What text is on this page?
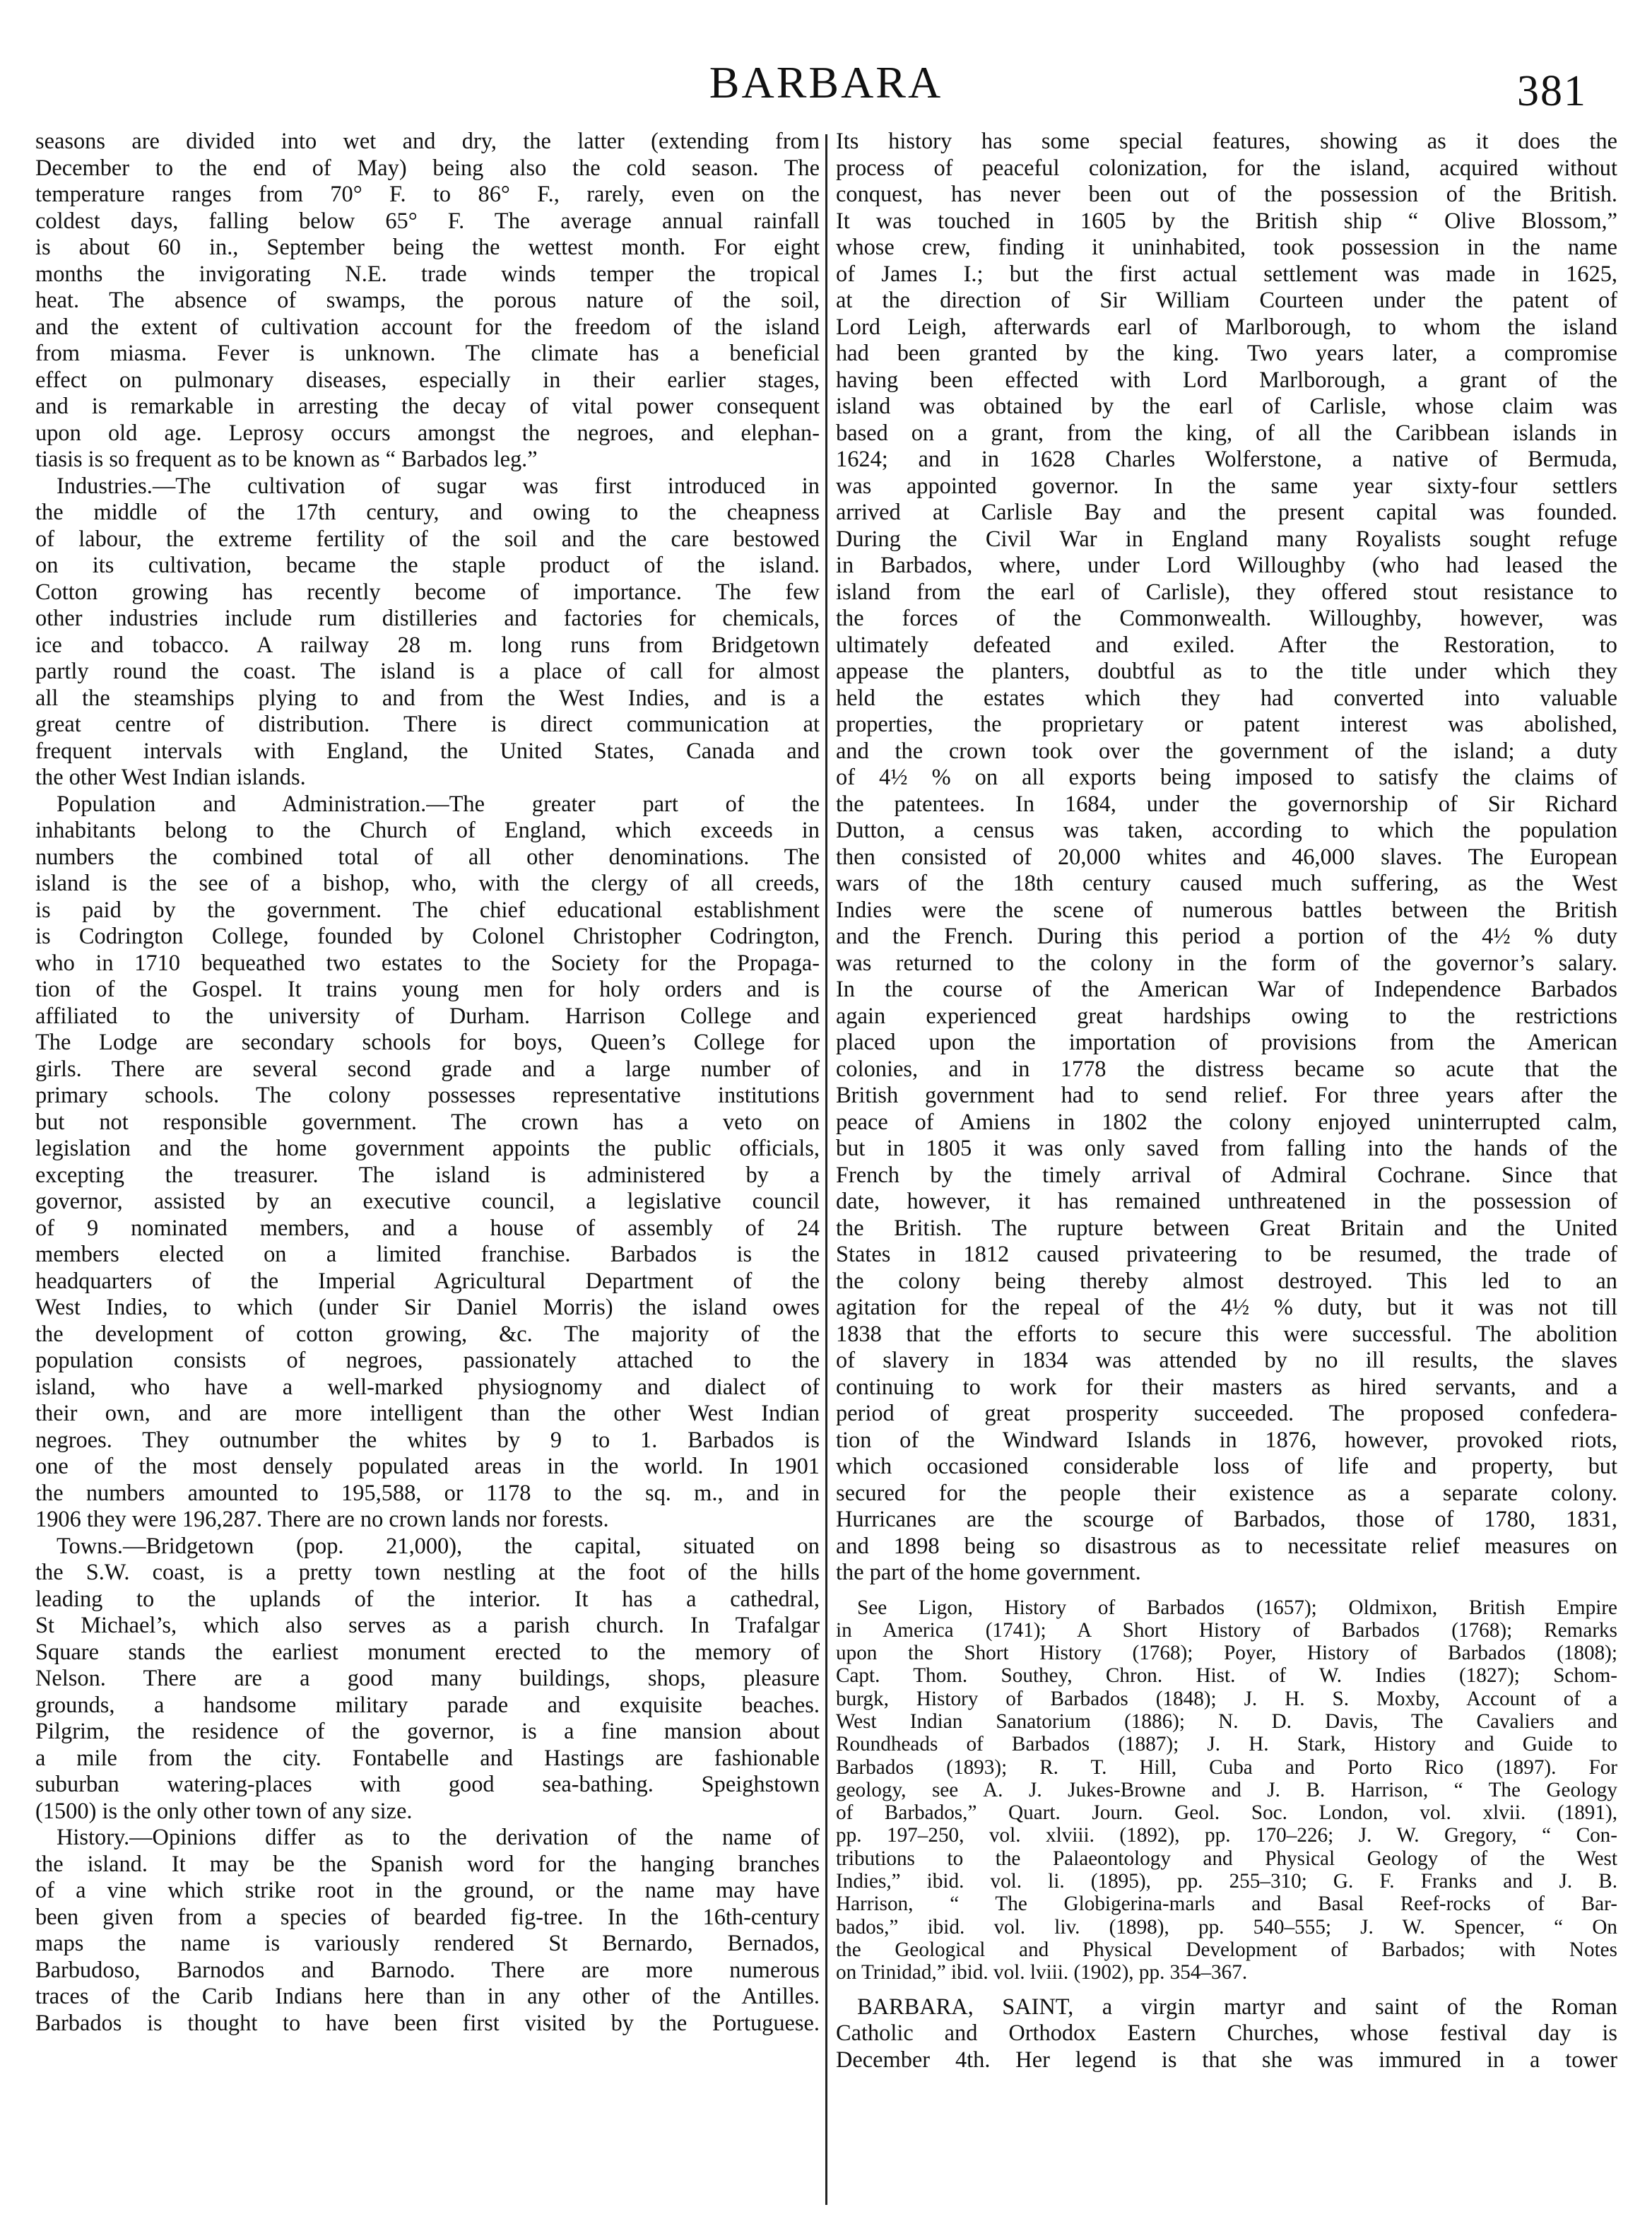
BARBARA	381
seasons are divided into wet and dry, the latter (extending from
December to the end of May) being also the cold season. The
temperature ranges from 70° F. to 86° F., rarely, even on the
coldest days, falling below 65° F. The average annual rainfall
is about 60 in., September being the wettest month. For eight
months the invigorating N.E. trade winds temper the tropical
heat. The absence of swamps, the porous nature of the soil,
and the extent of cultivation account for the freedom of the island
from miasma. Fever is unknown. The climate has a beneficial
effect on pulmonary diseases, especially in their earlier stages,
and is remarkable in arresting the decay of vital power consequent
upon old age. Leprosy occurs amongst the negroes, and elephan-
tiasis is so frequent as to be known as “ Barbados leg.”
Industries.—The cultivation of sugar was first introduced in
the middle of the 17th century, and owing to the cheapness
of labour, the extreme fertility of the soil and the care bestowed
on its cultivation, became the staple product of the island.
Cotton growing has recently become of importance. The few
other industries include rum distilleries and factories for chemicals,
ice and tobacco. A railway 28 m. long runs from Bridgetown
partly round the coast. The island is a place of call for almost
all the steamships plying to and from the West Indies, and is a
great centre of distribution. There is direct communication at
frequent intervals with England, the United States, Canada and
the other West Indian islands.
Population and Administration.—The greater part of the
inhabitants belong to the Church of England, which exceeds in
numbers the combined total of all other denominations. The
island is the see of a bishop, who, with the clergy of all creeds,
is paid by the government. The chief educational establishment
is Codrington College, founded by Colonel Christopher Codrington,
who in 1710 bequeathed two estates to the Society for the Propaga-
tion of the Gospel. It trains young men for holy orders and is
affiliated to the university of Durham. Harrison College and
The Lodge are secondary schools for boys, Queen’s College for
girls. There are several second grade and a large number of
primary schools. The colony possesses representative institutions
but not responsible government. The crown has a veto on
legislation and the home government appoints the public officials,
excepting the treasurer. The island is administered by a
governor, assisted by an executive council, a legislative council
of 9 nominated members, and a house of assembly of 24
members elected on a limited franchise. Barbados is the
headquarters of the Imperial Agricultural Department of the
West Indies, to which (under Sir Daniel Morris) the island owes
the development of cotton growing, &c. The majority of the
population consists of negroes, passionately attached to the
island, who have a well-marked physiognomy and dialect of
their own, and are more intelligent than the other West Indian
negroes. They outnumber the whites by 9 to 1. Barbados is
one of the most densely populated areas in the world. In 1901
the numbers amounted to 195,588, or 1178 to the sq. m., and in
1906 they were 196,287. There are no crown lands nor forests.
Towns.—Bridgetown (pop. 21,000), the capital, situated on
the S.W. coast, is a pretty town nestling at the foot of the hills
leading to the uplands of the interior. It has a cathedral,
St Michael’s, which also serves as a parish church. In Trafalgar
Square stands the earliest monument erected to the memory of
Nelson. There are a good many buildings, shops, pleasure
grounds, a handsome military parade and exquisite beaches.
Pilgrim, the residence of the governor, is a fine mansion about
a mile from the city. Fontabelle and Hastings are fashionable
suburban watering-places with good sea-bathing. Speighstown
(1500) is the only other town of any size.
History.—Opinions differ as to the derivation of the name of
the island. It may be the Spanish word for the hanging branches
of a vine which strike root in the ground, or the name may have
been given from a species of bearded fig-tree. In the 16th-century
maps the name is variously rendered St Bernardo, Bernados,
Barbudoso, Barnodos and Barnodo. There are more numerous
traces of the Carib Indians here than in any other of the Antilles.
Barbados is thought to have been first visited by the Portuguese.
Its history has some special features, showing as it does the
process of peaceful colonization, for the island, acquired without
conquest, has never been out of the possession of the British.
It was touched in 1605 by the British ship “ Olive Blossom,”
whose crew, finding it uninhabited, took possession in the name
of James I.; but the first actual settlement was made in 1625,
at the direction of Sir William Courteen under the patent of
Lord Leigh, afterwards earl of Marlborough, to whom the island
had been granted by the king. Two years later, a compromise
having been effected with Lord Marlborough, a grant of the
island was obtained by the earl of Carlisle, whose claim was
based on a grant, from the king, of all the Caribbean islands in
1624; and in 1628 Charles Wolferstone, a native of Bermuda,
was appointed governor. In the same year sixty-four settlers
arrived at Carlisle Bay and the present capital was founded.
During the Civil War in England many Royalists sought refuge
in Barbados, where, under Lord Willoughby (who had leased the
island from the earl of Carlisle), they offered stout resistance to
the forces of the Commonwealth. Willoughby, however, was
ultimately defeated and exiled. After the Restoration, to
appease the planters, doubtful as to the title under which they
held the estates which they had converted into valuable
properties, the proprietary or patent interest was abolished,
and the crown took over the government of the island; a duty
of 4½ % on all exports being imposed to satisfy the claims of
the patentees. In 1684, under the governorship of Sir Richard
Dutton, a census was taken, according to which the population
then consisted of 20,000 whites and 46,000 slaves. The European
wars of the 18th century caused much suffering, as the West
Indies were the scene of numerous battles between the British
and the French. During this period a portion of the 4½ % duty
was returned to the colony in the form of the governor’s salary.
In the course of the American War of Independence Barbados
again experienced great hardships owing to the restrictions
placed upon the importation of provisions from the American
colonies, and in 1778 the distress became so acute that the
British government had to send relief. For three years after the
peace of Amiens in 1802 the colony enjoyed uninterrupted calm,
but in 1805 it was only saved from falling into the hands of the
French by the timely arrival of Admiral Cochrane. Since that
date, however, it has remained unthreatened in the possession of
the British. The rupture between Great Britain and the United
States in 1812 caused privateering to be resumed, the trade of
the colony being thereby almost destroyed. This led to an
agitation for the repeal of the 4½ % duty, but it was not till
1838 that the efforts to secure this were successful. The abolition
of slavery in 1834 was attended by no ill results, the slaves
continuing to work for their masters as hired servants, and a
period of great prosperity succeeded. The proposed confedera-
tion of the Windward Islands in 1876, however, provoked riots,
which occasioned considerable loss of life and property, but
secured for the people their existence as a separate colony.
Hurricanes are the scourge of Barbados, those of 1780, 1831,
and 1898 being so disastrous as to necessitate relief measures on
the part of the home government.
See Ligon, History of Barbados (1657); Oldmixon, British Empire
in America (1741); A Short History of Barbados (1768); Remarks
upon the Short History (1768); Poyer, History of Barbados (1808);
Capt. Thom. Southey, Chron. Hist. of W. Indies (1827); Schom-
burgk, History of Barbados (1848); J. H. S. Moxby, Account of a
West Indian Sanatorium (1886); N. D. Davis, The Cavaliers and
Roundheads of Barbados (1887); J. H. Stark, History and Guide to
Barbados (1893); R. T. Hill, Cuba and Porto Rico (1897). For
geology, see A. J. Jukes-Browne and J. B. Harrison, “ The Geology
of Barbados,” Quart. Journ. Geol. Soc. London, vol. xlvii. (1891),
pp. 197–250, vol. xlviii. (1892), pp. 170–226; J. W. Gregory, “ Con-
tributions to the Palaeontology and Physical Geology of the West
Indies,” ibid. vol. li. (1895), pp. 255–310; G. F. Franks and J. B.
Harrison, “ The Globigerina-marls and Basal Reef-rocks of Bar-
bados,” ibid. vol. liv. (1898), pp. 540–555; J. W. Spencer, “ On
the Geological and Physical Development of Barbados; with Notes
on Trinidad,” ibid. vol. lviii. (1902), pp. 354–367.
BARBARA, SAINT, a virgin martyr and saint of the Roman
Catholic and Orthodox Eastern Churches, whose festival day is
December 4th. Her legend is that she was immured in a tower
